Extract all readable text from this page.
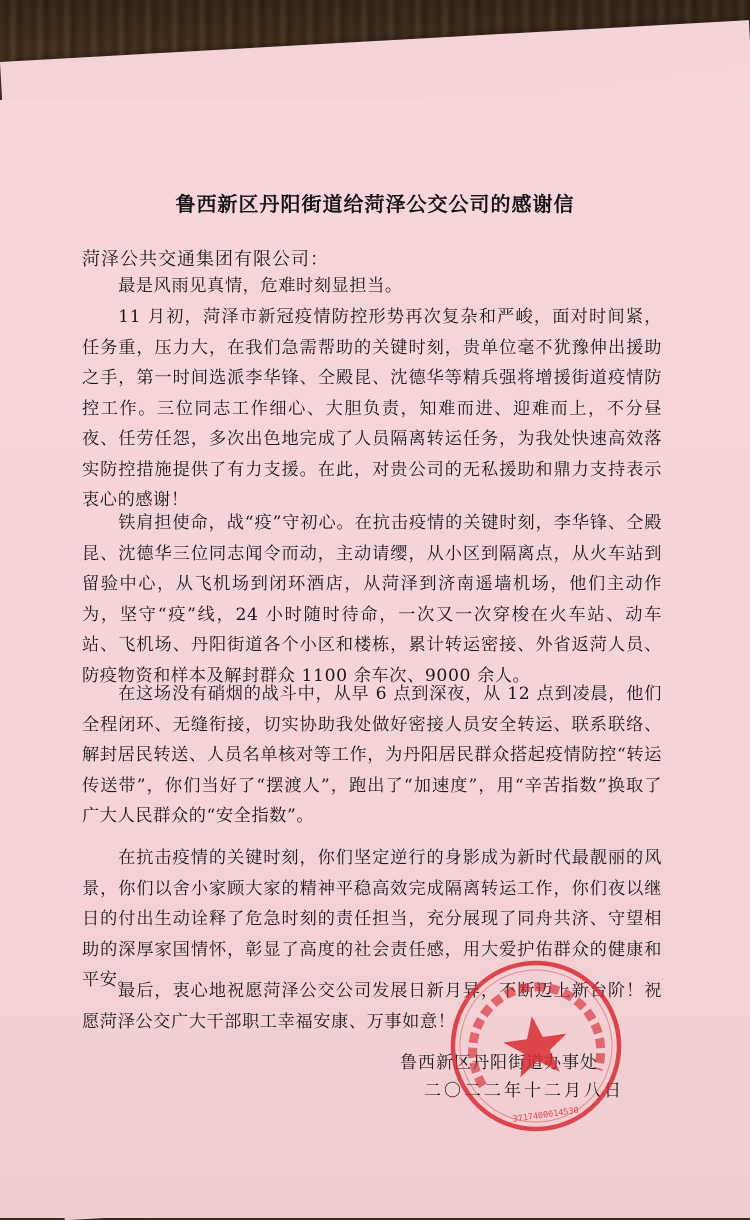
鲁西新区丹阳街道给菏泽公交公司的感谢信
菏泽公共交通集团有限公司：
最是风雨见真情，危难时刻显担当。
11 月初，菏泽市新冠疫情防控形势再次复杂和严峻，面对时间紧，任务重，压力大，在我们急需帮助的关键时刻，贵单位毫不犹豫伸出援助之手，第一时间选派李华锋、仝殿昆、沈德华等精兵强将增援街道疫情防控工作。三位同志工作细心、大胆负责，知难而进、迎难而上，不分昼夜、任劳任怨，多次出色地完成了人员隔离转运任务，为我处快速高效落实防控措施提供了有力支援。在此，对贵公司的无私援助和鼎力支持表示衷心的感谢！
铁肩担使命，战“疫”守初心。在抗击疫情的关键时刻，李华锋、仝殿昆、沈德华三位同志闻令而动，主动请缨，从小区到隔离点，从火车站到留验中心，从飞机场到闭环酒店，从菏泽到济南遥墙机场，他们主动作为，坚守“疫”线，24 小时随时待命，一次又一次穿梭在火车站、动车站、飞机场、丹阳街道各个小区和楼栋，累计转运密接、外省返菏人员、防疫物资和样本及解封群众 1100 余车次、9000 余人。
在这场没有硝烟的战斗中，从早 6 点到深夜，从 12 点到凌晨，他们全程闭环、无缝衔接，切实协助我处做好密接人员安全转运、联系联络、解封居民转送、人员名单核对等工作，为丹阳居民群众搭起疫情防控“转运传送带”，你们当好了“摆渡人”，跑出了“加速度”，用“辛苦指数”换取了广大人民群众的“安全指数”。
在抗击疫情的关键时刻，你们坚定逆行的身影成为新时代最靓丽的风景，你们以舍小家顾大家的精神平稳高效完成隔离转运工作，你们夜以继日的付出生动诠释了危急时刻的责任担当，充分展现了同舟共济、守望相助的深厚家国情怀，彰显了高度的社会责任感，用大爱护佑群众的健康和平安。
最后，衷心地祝愿菏泽公交公司发展日新月异，不断迈上新台阶！祝愿菏泽公交广大干部职工幸福安康、万事如意！
鲁西新区丹阳街道办事处
二〇二二年十二月八日
3717400014530
